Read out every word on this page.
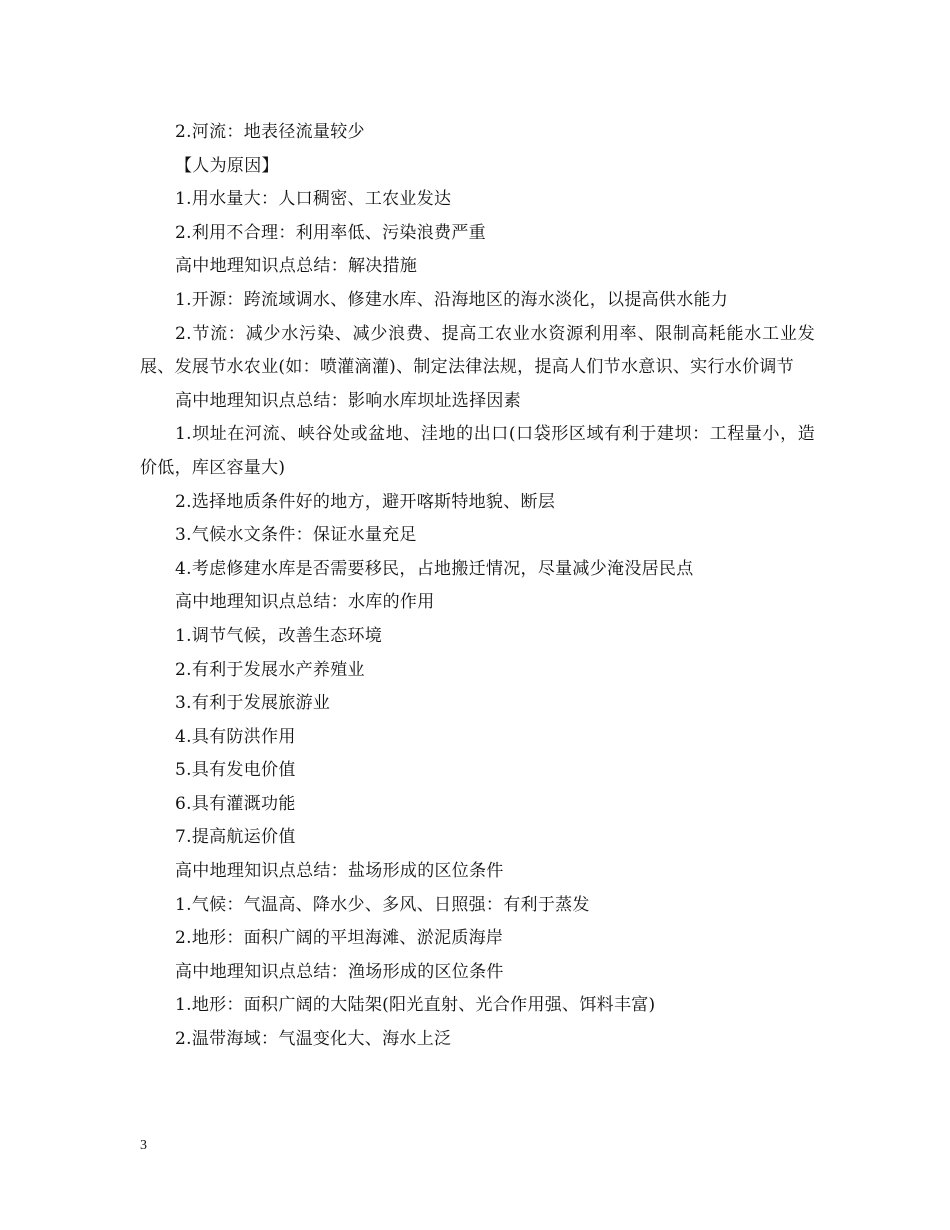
2.河流：地表径流量较少

【人为原因】

1.用水量大：人口稠密、工农业发达

2.利用不合理：利用率低、污染浪费严重

高中地理知识点总结：解决措施

1.开源：跨流域调水、修建水库、沿海地区的海水淡化，以提高供水能力

2.节流：减少水污染、减少浪费、提高工农业水资源利用率、限制高耗能水工业发展、发展节水农业(如：喷灌滴灌)、制定法律法规，提高人们节水意识、实行水价调节

高中地理知识点总结：影响水库坝址选择因素

1.坝址在河流、峡谷处或盆地、洼地的出口(口袋形区域有利于建坝：工程量小，造价低，库区容量大)

2.选择地质条件好的地方，避开喀斯特地貌、断层

3.气候水文条件：保证水量充足

4.考虑修建水库是否需要移民，占地搬迁情况，尽量减少淹没居民点

高中地理知识点总结：水库的作用

1.调节气候，改善生态环境

2.有利于发展水产养殖业

3.有利于发展旅游业

4.具有防洪作用

5.具有发电价值

6.具有灌溉功能

7.提高航运价值

高中地理知识点总结：盐场形成的区位条件

1.气候：气温高、降水少、多风、日照强：有利于蒸发

2.地形：面积广阔的平坦海滩、淤泥质海岸

高中地理知识点总结：渔场形成的区位条件

1.地形：面积广阔的大陆架(阳光直射、光合作用强、饵料丰富)

2.温带海域：气温变化大、海水上泛

3
